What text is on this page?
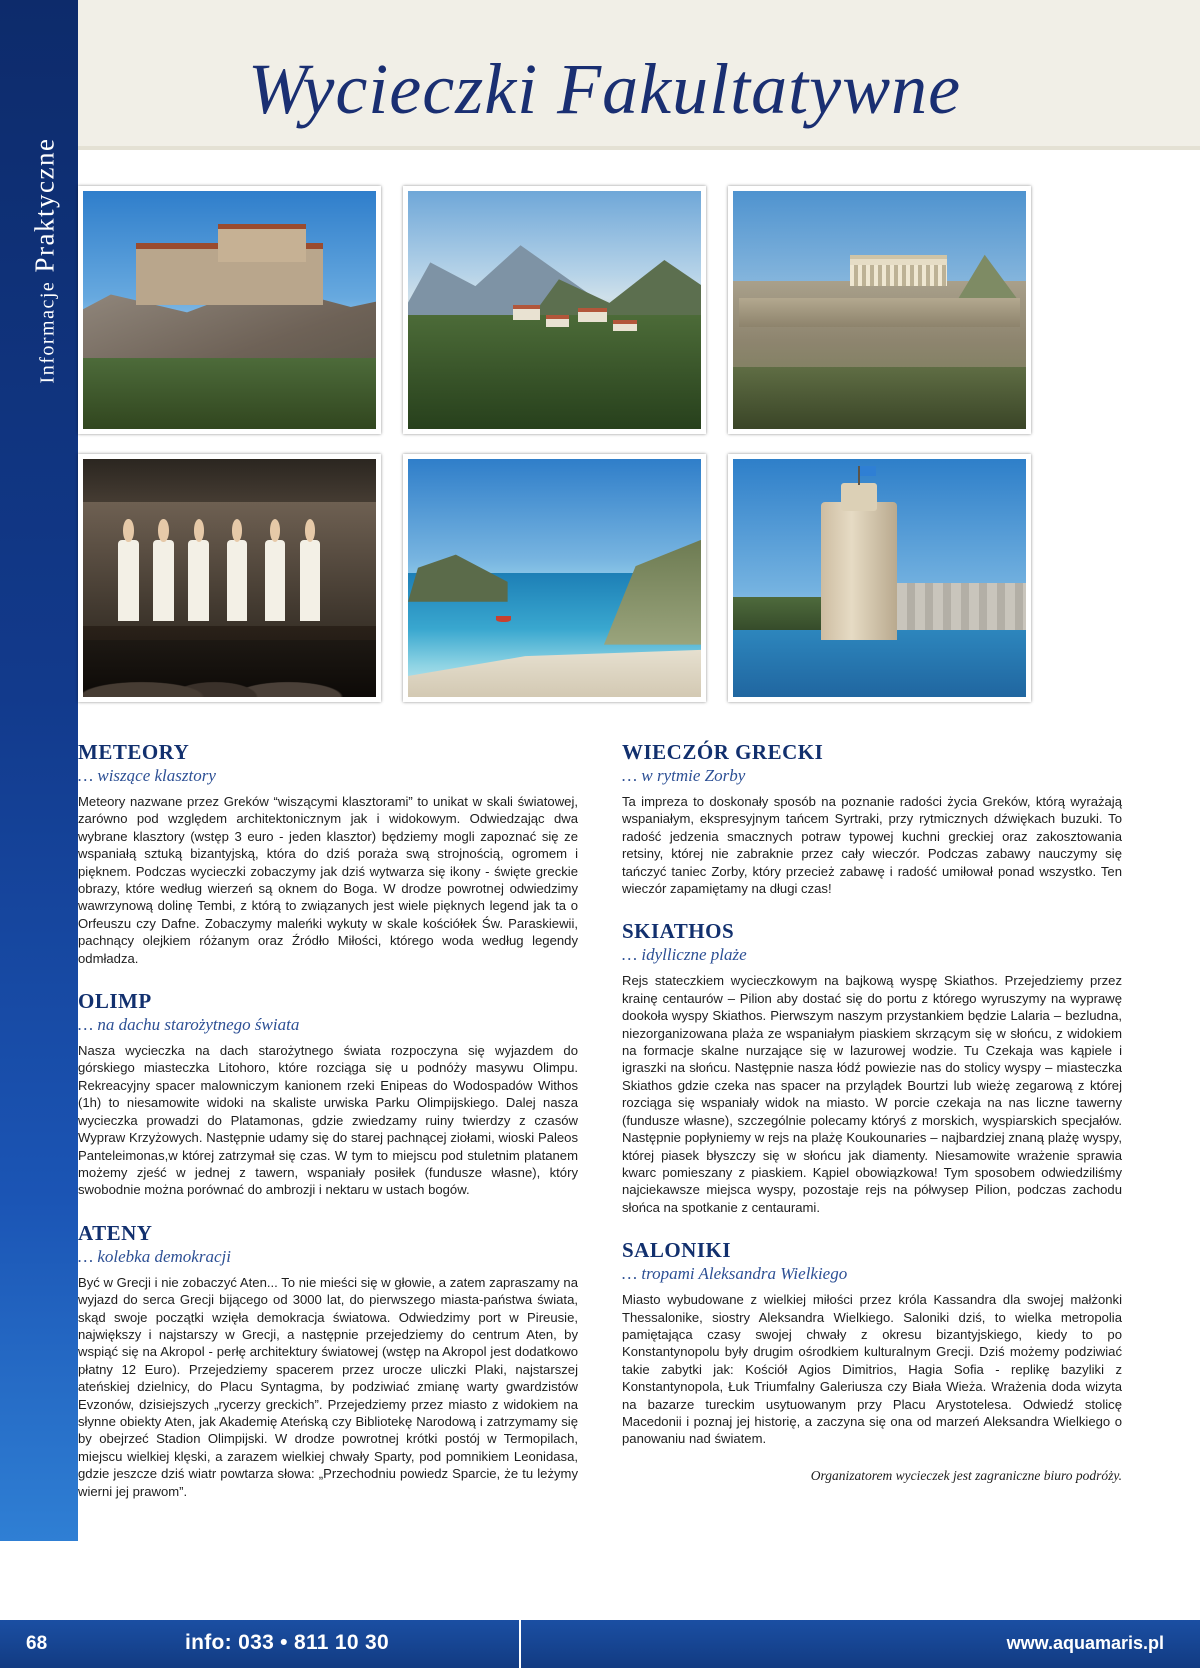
Informacje Praktyczne
Wycieczki Fakultatywne
METEORY
… wiszące klasztory

Meteory nazwane przez Greków “wiszącymi klasztorami” to unikat w skali światowej, zarówno pod względem architektonicznym jak i widokowym. Odwiedzając dwa wybrane klasztory (wstęp 3 euro - jeden klasztor) będziemy mogli zapoznać się ze wspaniałą sztuką bizantyjską, która do dziś poraża swą strojnością, ogromem i pięknem. Podczas wycieczki zobaczymy jak dziś wytwarza się ikony - święte greckie obrazy, które według wierzeń są oknem do Boga. W drodze powrotnej odwiedzimy wawrzynową dolinę Tembi, z którą to związanych jest wiele pięknych legend jak ta o Orfeuszu czy Dafne. Zobaczymy maleńki wykuty w skale kościółek Św. Paraskiewii, pachnący olejkiem różanym oraz Źródło Miłości, którego woda według legendy odmładza.

OLIMP
… na dachu starożytnego świata

Nasza wycieczka na dach starożytnego świata rozpoczyna się wyjazdem do górskiego miasteczka Litohoro, które rozciąga się u podnóży masywu Olimpu. Rekreacyjny spacer malowniczym kanionem rzeki Enipeas do Wodospadów Withos (1h) to niesamowite widoki na skaliste urwiska Parku Olimpijskiego. Dalej nasza wycieczka prowadzi do Platamonas, gdzie zwiedzamy ruiny twierdzy z czasów Wypraw Krzyżowych. Następnie udamy się do starej pachnącej ziołami, wioski Paleos Panteleimonas,w której zatrzymał się czas. W tym to miejscu pod stuletnim platanem możemy zjeść w jednej z tawern, wspaniały posiłek (fundusze własne), który swobodnie można porównać do ambrozji i nektaru w ustach bogów.

ATENY
… kolebka demokracji

Być w Grecji i nie zobaczyć Aten... To nie mieści się w głowie, a zatem zapraszamy na wyjazd do serca Grecji bijącego od 3000 lat, do pierwszego miasta-państwa świata, skąd swoje początki wzięła demokracja światowa. Odwiedzimy port w Pireusie, największy i najstarszy w Grecji, a następnie przejedziemy do centrum Aten, by wspiąć się na Akropol - perłę architektury światowej (wstęp na Akropol jest dodatkowo płatny 12 Euro). Przejedziemy spacerem przez urocze uliczki Plaki, najstarszej ateńskiej dzielnicy, do Placu Syntagma, by podziwiać zmianę warty gwardzistów Evzonów, dzisiejszych „rycerzy greckich”. Przejedziemy przez miasto z widokiem na słynne obiekty Aten, jak Akademię Ateńską czy Bibliotekę Narodową i zatrzymamy się by obejrzeć Stadion Olimpijski. W drodze powrotnej krótki postój w Termopilach, miejscu wielkiej klęski, a zarazem wielkiej chwały Sparty, pod pomnikiem Leonidasa, gdzie jeszcze dziś wiatr powtarza słowa: „Przechodniu powiedz Sparcie, że tu leżymy wierni jej prawom”.

WIECZÓR GRECKI
… w rytmie Zorby

Ta impreza to doskonały sposób na poznanie radości życia Greków, którą wyrażają wspaniałym, ekspresyjnym tańcem Syrtraki, przy rytmicznych dźwiękach buzuki. To radość jedzenia smacznych potraw typowej kuchni greckiej oraz zakosztowania retsiny, której nie zabraknie przez cały wieczór. Podczas zabawy nauczymy się tańczyć taniec Zorby, który przecież zabawę i radość umiłował ponad wszystko. Ten wieczór zapamiętamy na długi czas!

SKIATHOS
… idylliczne plaże

Rejs stateczkiem wycieczkowym na bajkową wyspę Skiathos. Przejedziemy przez krainę centaurów – Pilion aby dostać się do portu z którego wyruszymy na wyprawę dookoła wyspy Skiathos. Pierwszym naszym przystankiem będzie Lalaria – bezludna, niezorganizowana plaża ze wspaniałym piaskiem skrzącym się w słońcu, z widokiem na formacje skalne nurzające się w lazurowej wodzie. Tu Czekaja was kąpiele i igraszki na słońcu. Następnie nasza łódź powiezie nas do stolicy wyspy – miasteczka Skiathos gdzie czeka nas spacer na przylądek Bourtzi lub wieżę zegarową z której rozciąga się wspaniały widok na miasto. W porcie czekaja na nas liczne tawerny (fundusze własne), szczególnie polecamy któryś z morskich, wyspiarskich specjałów. Następnie popłyniemy w rejs na plażę Koukounaries – najbardziej znaną plażę wyspy, której piasek błyszczy się w słońcu jak diamenty. Niesamowite wrażenie sprawia kwarc pomieszany z piaskiem. Kąpiel obowiązkowa! Tym sposobem odwiedziliśmy najciekawsze miejsca wyspy, pozostaje rejs na półwysep Pilion, podczas zachodu słońca na spotkanie z centaurami.

SALONIKI
… tropami Aleksandra Wielkiego

Miasto wybudowane z wielkiej miłości przez króla Kassandra dla swojej małżonki Thessalonike, siostry Aleksandra Wielkiego. Saloniki dziś, to wielka metropolia pamiętająca czasy swojej chwały z okresu bizantyjskiego, kiedy to po Konstantynopolu były drugim ośrodkiem kulturalnym Grecji. Dziś możemy podziwiać takie zabytki jak: Kościół Agios Dimitrios, Hagia Sofia - replikę bazyliki z Konstantynopola, Łuk Triumfalny Galeriusza czy Biała Wieża. Wrażenia doda wizyta na bazarze tureckim usytuowanym przy Placu Arystotelesa. Odwiedź stolicę Macedonii i poznaj jej historię, a zaczyna się ona od marzeń Aleksandra Wielkiego o panowaniu nad światem.

Organizatorem wycieczek jest zagraniczne biuro podróży.
68	info: 033 • 811 10 30	www.aquamaris.pl
